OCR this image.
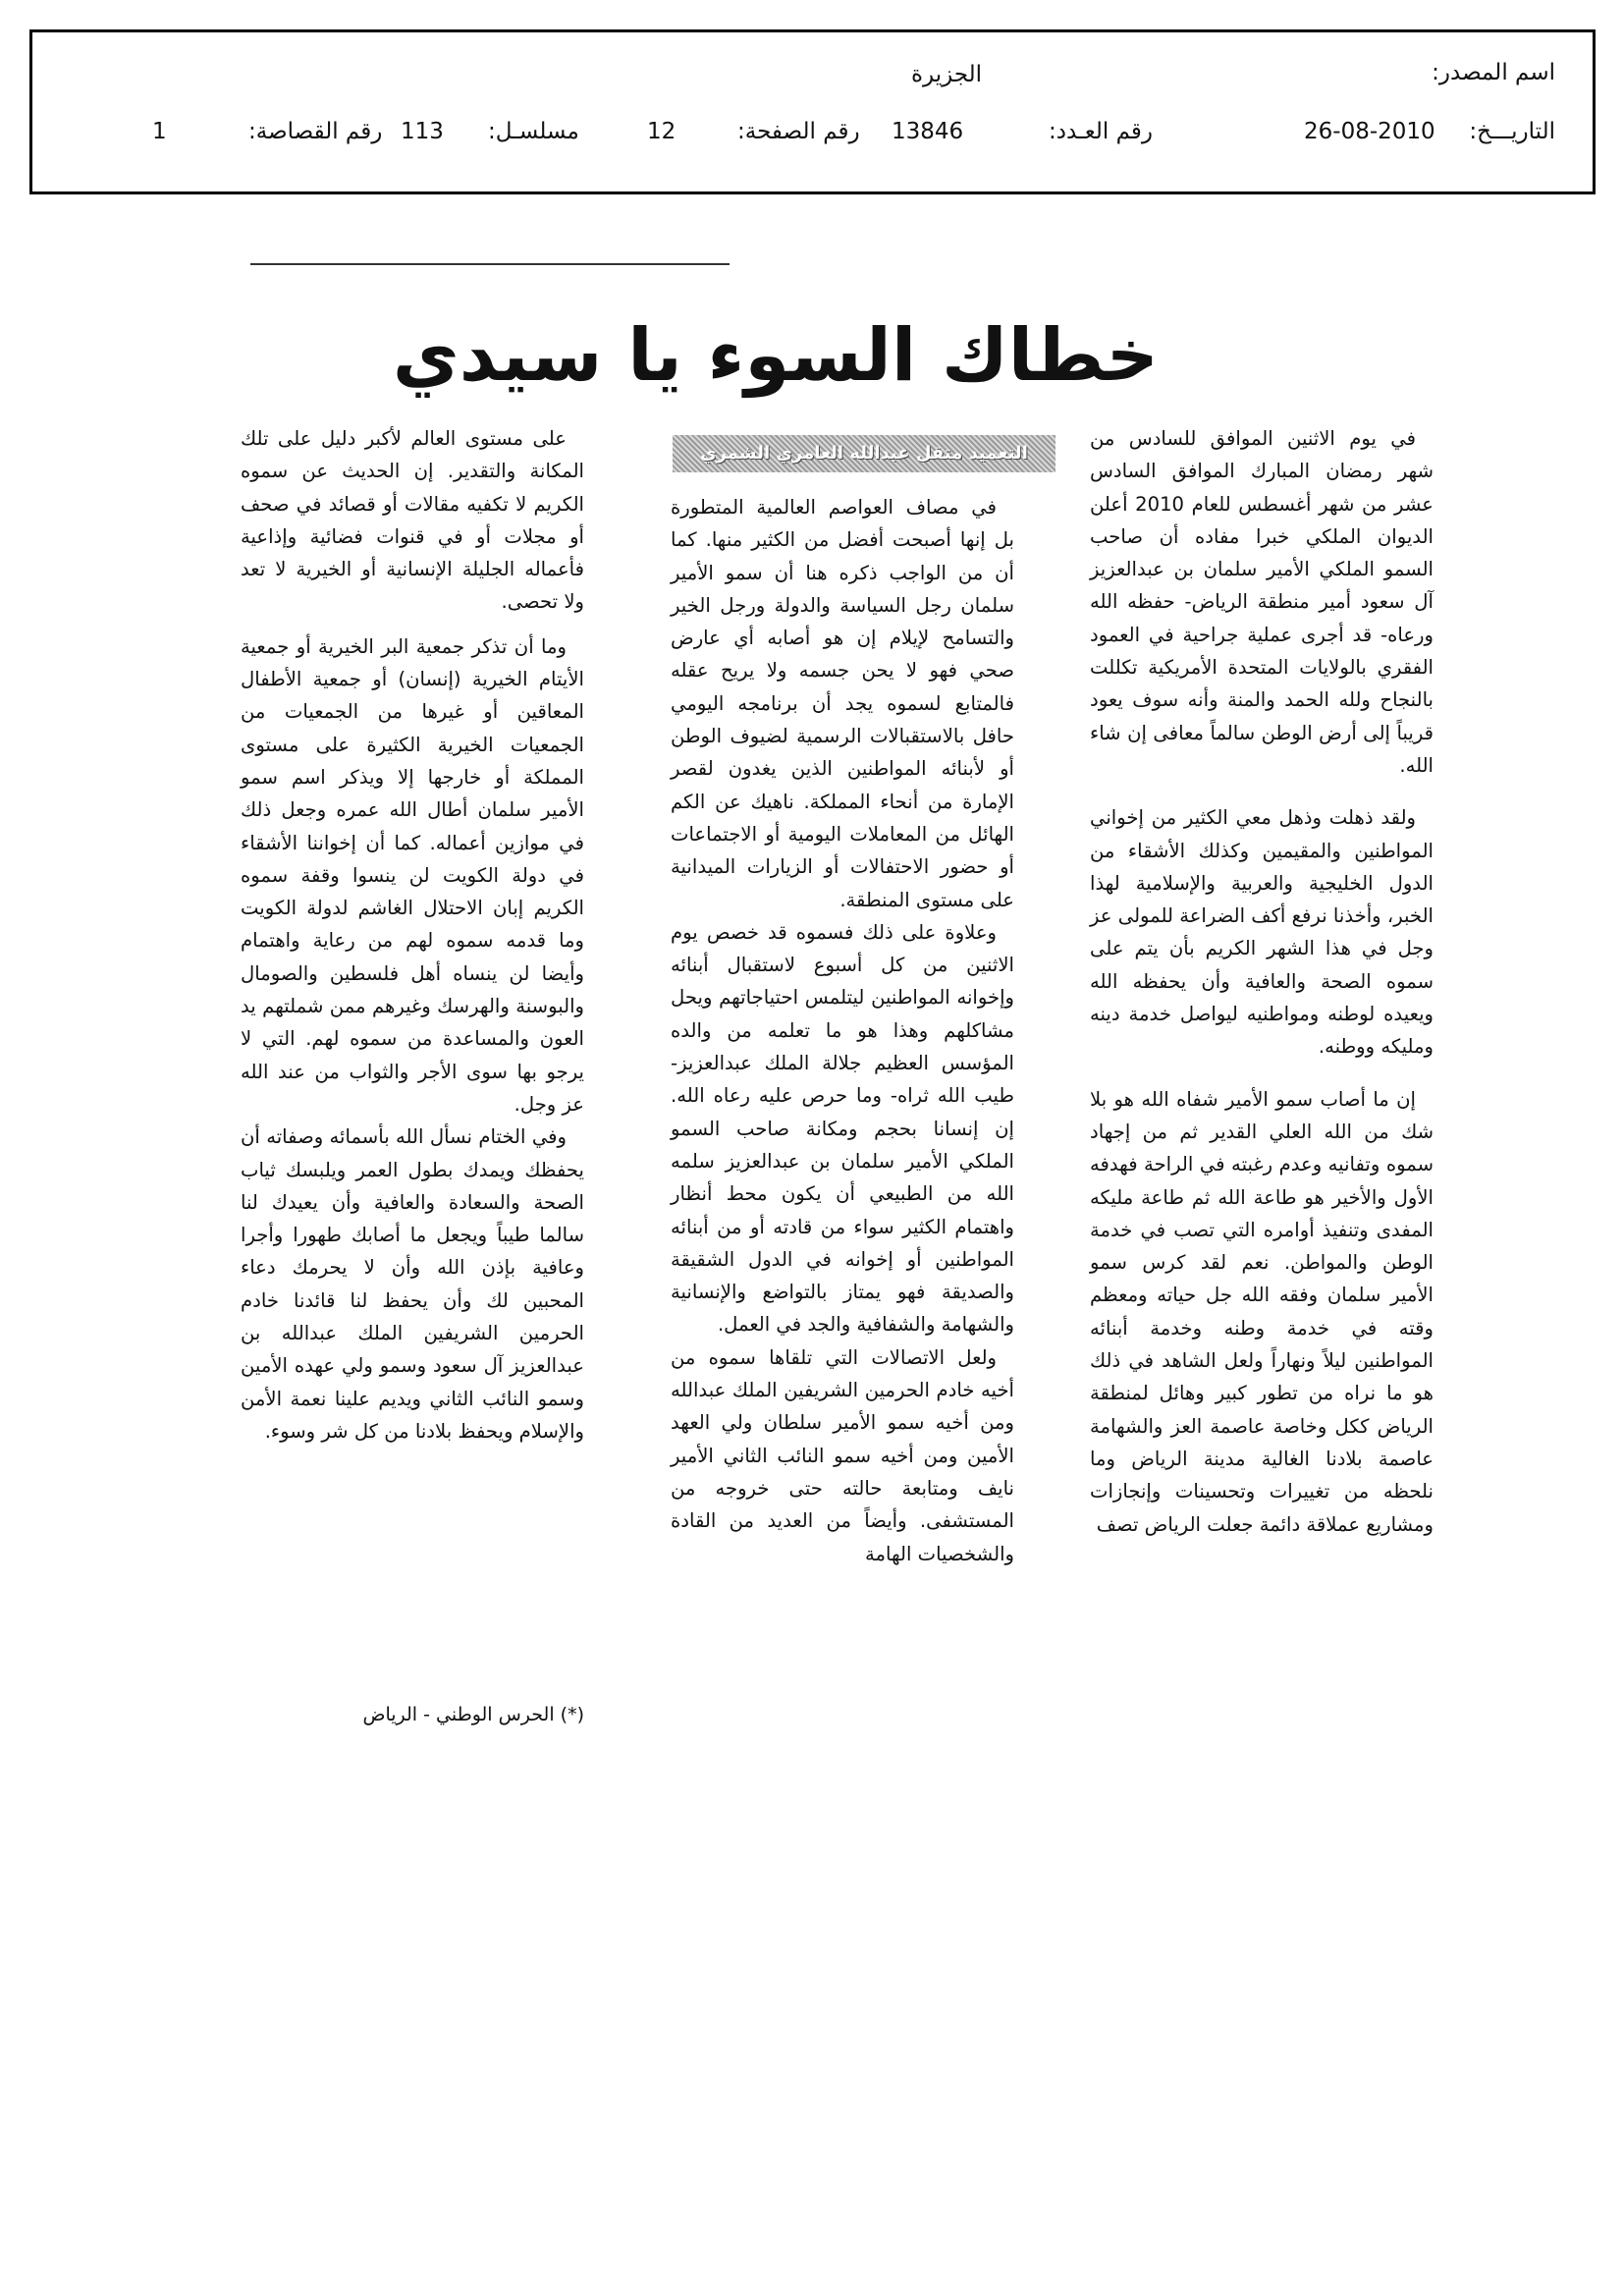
اسم المصدر:
الجزيرة
التاريـــخ:
26-08-2010
رقم العـدد:
13846
رقم الصفحة:
12
مسلسـل:
113
رقم القصاصة:
1
خطاك السوء يا سيدي

في يوم الاثنين الموافق للسادس من شهر رمضان المبارك الموافق السادس عشر من شهر أغسطس للعام 2010 أعلن الديوان الملكي خبرا مفاده أن صاحب السمو الملكي الأمير سلمان بن عبدالعزيز آل سعود أمير منطقة الرياض- حفظه الله ورعاه- قد أجرى عملية جراحية في العمود الفقري بالولايات المتحدة الأمريكية تكللت بالنجاح ولله الحمد والمنة وأنه سوف يعود قريباً إلى أرض الوطن سالماً معافى إن شاء الله.

ولقد ذهلت وذهل معي الكثير من إخواني المواطنين والمقيمين وكذلك الأشقاء من الدول الخليجية والعربية والإسلامية لهذا الخبر، وأخذنا نرفع أكف الضراعة للمولى عز وجل في هذا الشهر الكريم بأن يتم على سموه الصحة والعافية وأن يحفظه الله ويعيده لوطنه ومواطنيه ليواصل خدمة دينه ومليكه ووطنه.

إن ما أصاب سمو الأمير شفاه الله هو بلا شك من الله العلي القدير ثم من إجهاد سموه وتفانيه وعدم رغبته في الراحة فهدفه الأول والأخير هو طاعة الله ثم طاعة مليكه المفدى وتنفيذ أوامره التي تصب في خدمة الوطن والمواطن. نعم لقد كرس سمو الأمير سلمان وفقه الله جل حياته ومعظم وقته في خدمة وطنه وخدمة أبنائه المواطنين ليلاً ونهاراً ولعل الشاهد في ذلك هو ما نراه من تطور كبير وهائل لمنطقة الرياض ككل وخاصة عاصمة العز والشهامة عاصمة بلادنا الغالية مدينة الرياض وما نلحظه من تغييرات وتحسينات وإنجازات ومشاريع عملاقة دائمة جعلت الرياض تصف

التعميد متقل عبدالله العامري الشمري

في مصاف العواصم العالمية المتطورة بل إنها أصبحت أفضل من الكثير منها. كما أن من الواجب ذكره هنا أن سمو الأمير سلمان رجل السياسة والدولة ورجل الخير والتسامح لإيلام إن هو أصابه أي عارض صحي فهو لا يحن جسمه ولا يريح عقله فالمتابع لسموه يجد أن برنامجه اليومي حافل بالاستقبالات الرسمية لضيوف الوطن أو لأبنائه المواطنين الذين يغدون لقصر الإمارة من أنحاء المملكة. ناهيك عن الكم الهائل من المعاملات اليومية أو الاجتماعات أو حضور الاحتفالات أو الزيارات الميدانية على مستوى المنطقة.

وعلاوة على ذلك فسموه قد خصص يوم الاثنين من كل أسبوع لاستقبال أبنائه وإخوانه المواطنين ليتلمس احتياجاتهم ويحل مشاكلهم وهذا هو ما تعلمه من والده المؤسس العظيم جلالة الملك عبدالعزيز- طيب الله ثراه- وما حرص عليه رعاه الله. إن إنسانا بحجم ومكانة صاحب السمو الملكي الأمير سلمان بن عبدالعزيز سلمه الله من الطبيعي أن يكون محط أنظار واهتمام الكثير سواء من قادته أو من أبنائه المواطنين أو إخوانه في الدول الشقيقة والصديقة فهو يمتاز بالتواضع والإنسانية والشهامة والشفافية والجد في العمل.

ولعل الاتصالات التي تلقاها سموه من أخيه خادم الحرمين الشريفين الملك عبدالله ومن أخيه سمو الأمير سلطان ولي العهد الأمين ومن أخيه سمو النائب الثاني الأمير نايف ومتابعة حالته حتى خروجه من المستشفى. وأيضاً من العديد من القادة والشخصيات الهامة

على مستوى العالم لأكبر دليل على تلك المكانة والتقدير. إن الحديث عن سموه الكريم لا تكفيه مقالات أو قصائد في صحف أو مجلات أو في قنوات فضائية وإذاعية فأعماله الجليلة الإنسانية أو الخيرية لا تعد ولا تحصى.

وما أن تذكر جمعية البر الخيرية أو جمعية الأيتام الخيرية (إنسان) أو جمعية الأطفال المعاقين أو غيرها من الجمعيات من الجمعيات الخيرية الكثيرة على مستوى المملكة أو خارجها إلا ويذكر اسم سمو الأمير سلمان أطال الله عمره وجعل ذلك في موازين أعماله. كما أن إخواننا الأشقاء في دولة الكويت لن ينسوا وقفة سموه الكريم إبان الاحتلال الغاشم لدولة الكويت وما قدمه سموه لهم من رعاية واهتمام وأيضا لن ينساه أهل فلسطين والصومال والبوسنة والهرسك وغيرهم ممن شملتهم يد العون والمساعدة من سموه لهم. التي لا يرجو بها سوى الأجر والثواب من عند الله عز وجل.

وفي الختام نسأل الله بأسمائه وصفاته أن يحفظك ويمدك بطول العمر ويلبسك ثياب الصحة والسعادة والعافية وأن يعيدك لنا سالما طيباً ويجعل ما أصابك طهورا وأجرا وعافية بإذن الله وأن لا يحرمك دعاء المحبين لك وأن يحفظ لنا قائدنا خادم الحرمين الشريفين الملك عبدالله بن عبدالعزيز آل سعود وسمو ولي عهده الأمين وسمو النائب الثاني ويديم علينا نعمة الأمن والإسلام ويحفظ بلادنا من كل شر وسوء.

(*) الحرس الوطني - الرياض
